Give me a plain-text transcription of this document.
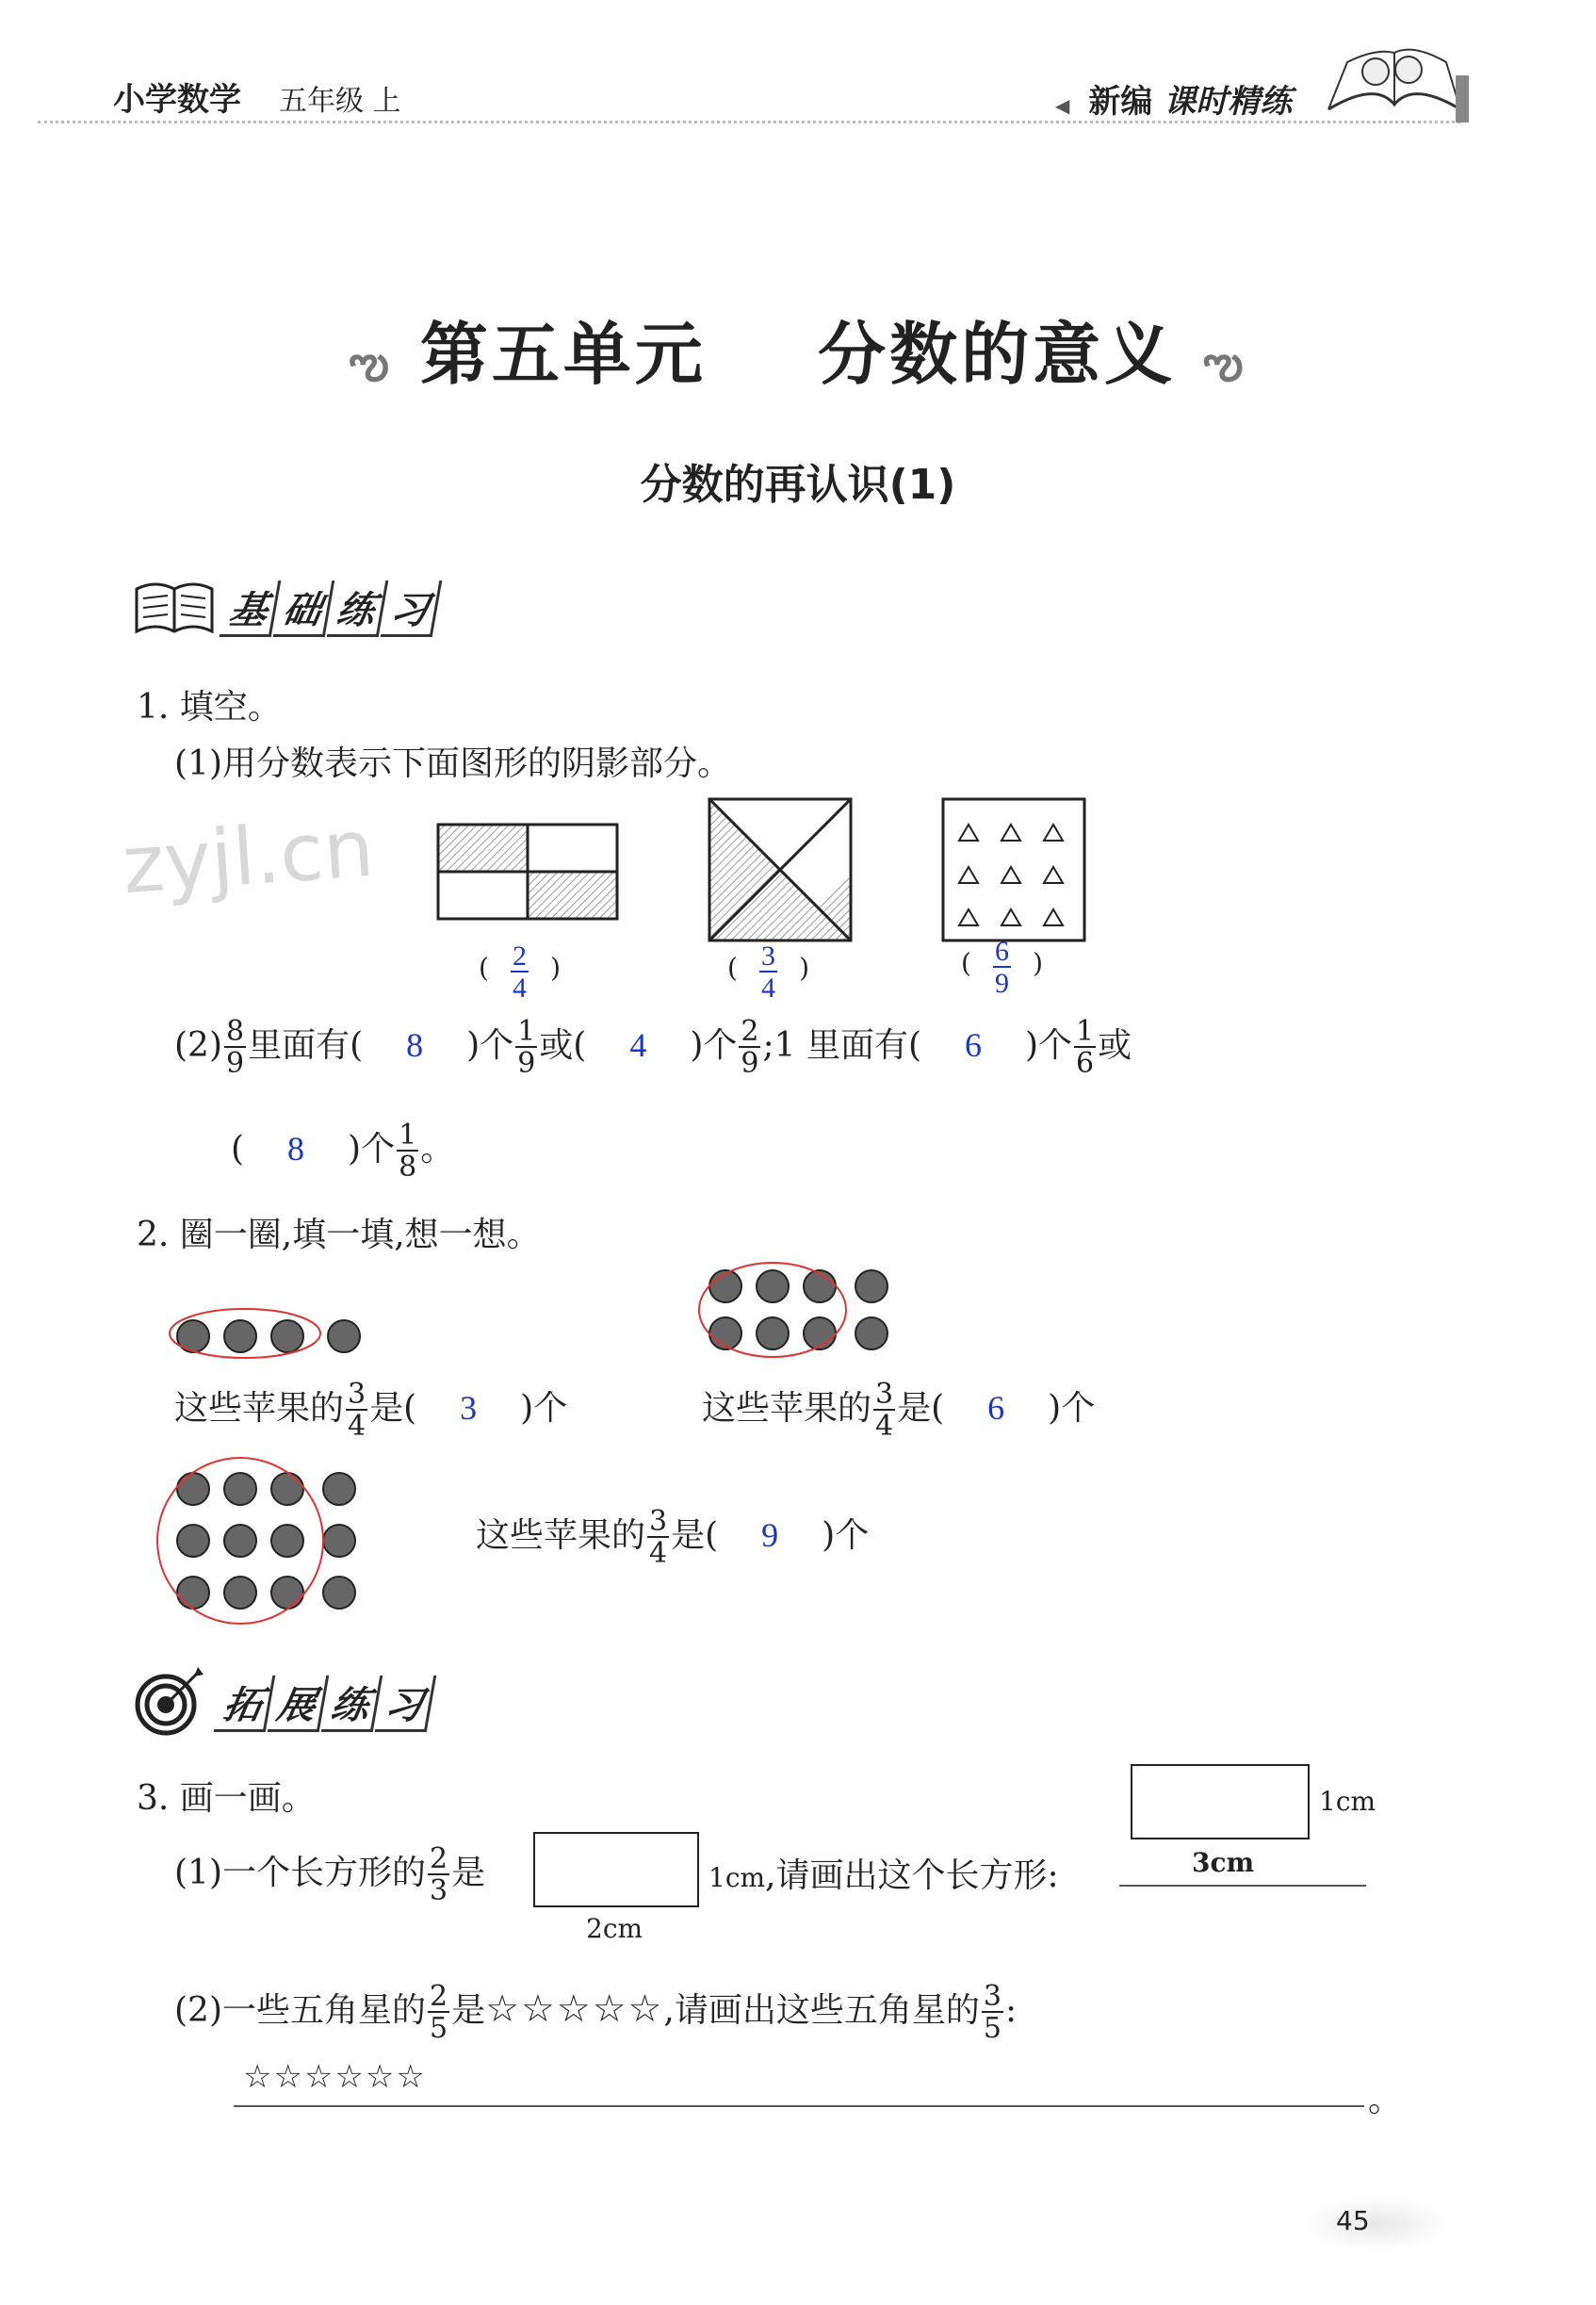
小学数学 五年级 上	◀ 新编 课时精练
ఌ 第五单元 分数的意义 ఌ
分数的再认识(1)
基 础 练 习
1. 填空。
(1)用分数表示下面图形的阴影部分。
zyjl.cn
( $\frac{2}{4}$ )	( $\frac{3}{4}$ )	( $\frac{6}{9}$ )
$(2) \frac{8}{9}$ 里面有( 8 )个 $\frac{1}{9}$ 或( 4 )个 $\frac{2}{9}$ ;1 里面有( 6 )个 $\frac{1}{6}$ 或
( 8 )个 $\frac{1}{8}$ 。
2. 圈一圈,填一填,想一想。
这些苹果的 $\frac{3}{4}$ 是( 3 )个	这些苹果的 $\frac{3}{4}$ 是( 6 )个
这些苹果的 $\frac{3}{4}$ 是( 9 )个
拓 展 练 习
3. 画一画。	1cm
3cm
(1)一个长方形的 $\frac{2}{3}$ 是	1cm,请画出这个长方形:
2cm
(2)一些五角星的 $\frac{2}{5}$ 是☆☆☆☆☆,请画出这些五角星的 $\frac{3}{5}$ :
☆☆☆☆☆☆
。
45
